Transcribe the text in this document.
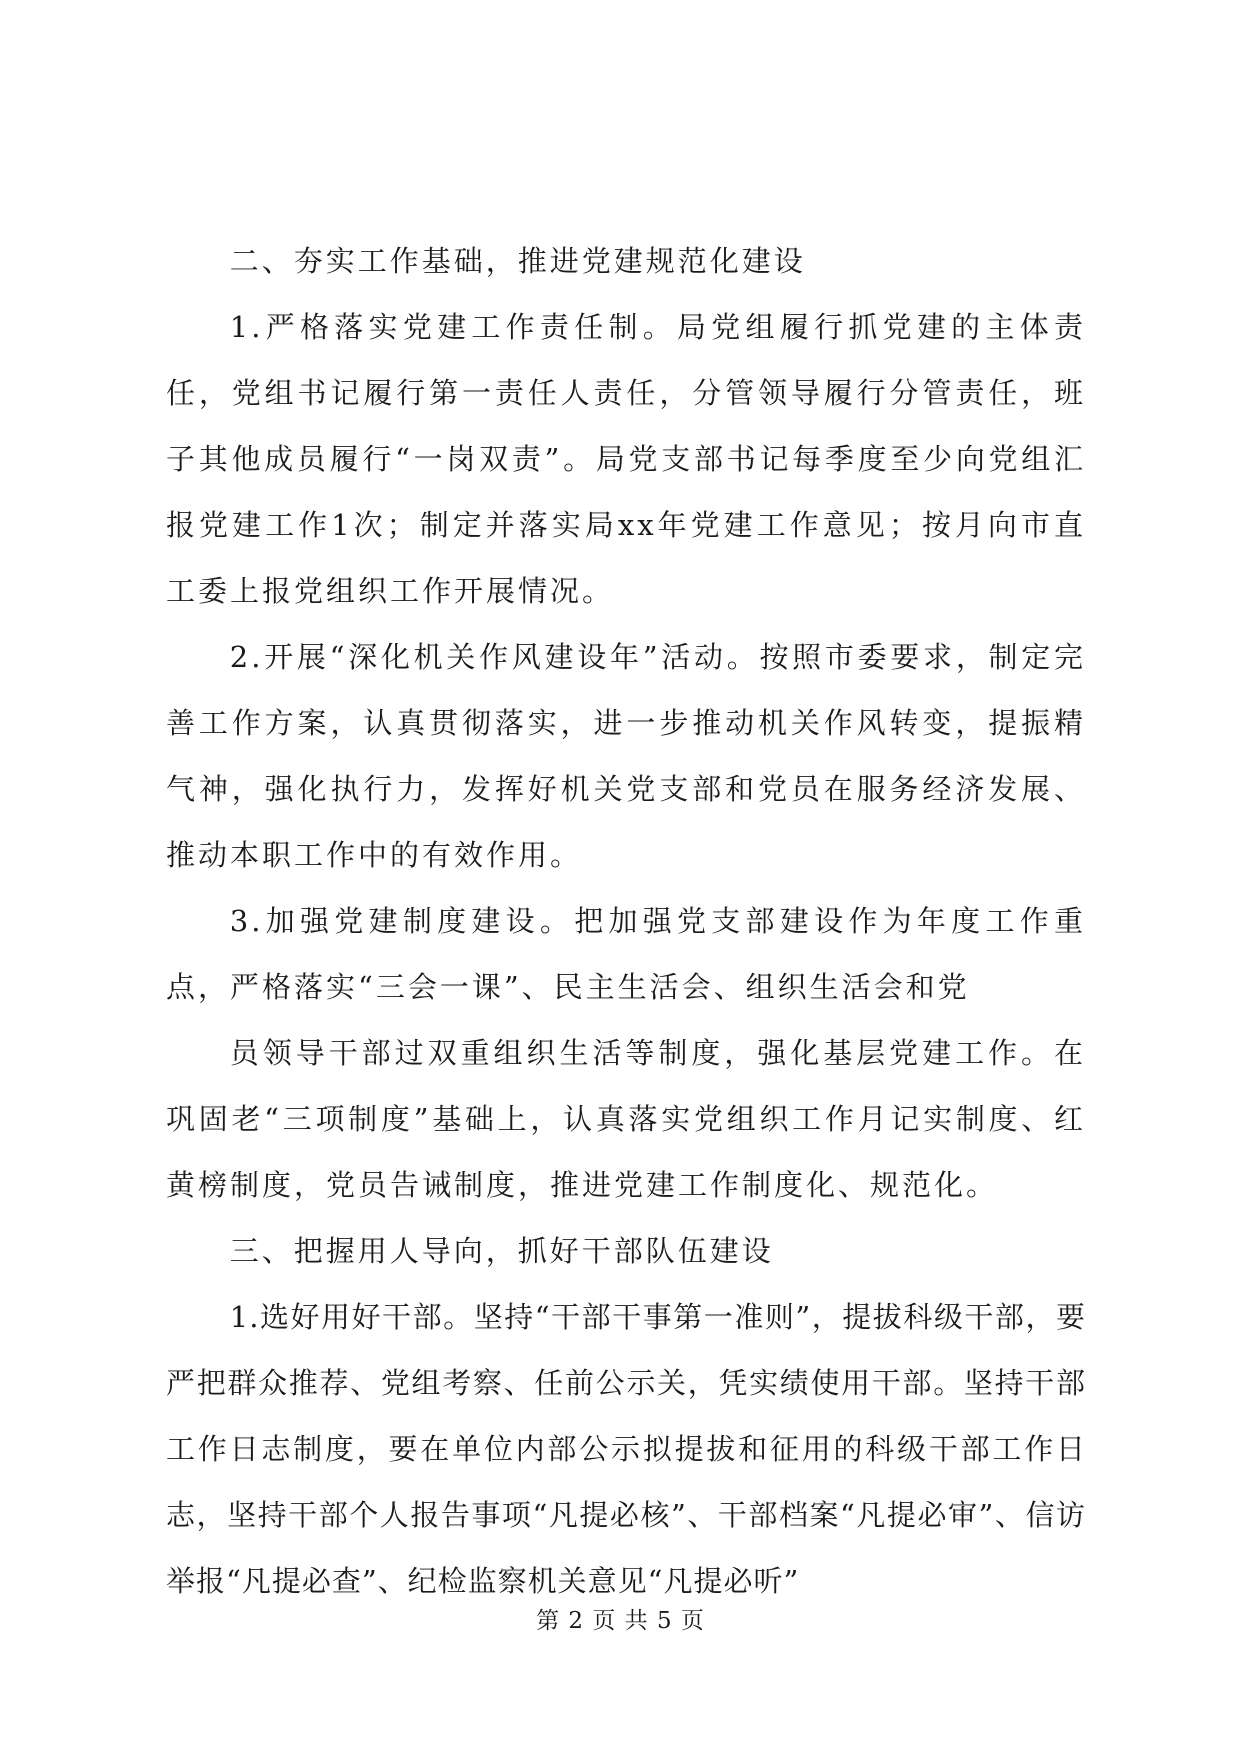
二、夯实工作基础，推进党建规范化建设

1.严格落实党建工作责任制。局党组履行抓党建的主体责任，党组书记履行第一责任人责任，分管领导履行分管责任，班子其他成员履行“一岗双责”。局党支部书记每季度至少向党组汇报党建工作1次；制定并落实局xx年党建工作意见；按月向市直工委上报党组织工作开展情况。

2.开展“深化机关作风建设年”活动。按照市委要求，制定完善工作方案，认真贯彻落实，进一步推动机关作风转变，提振精气神，强化执行力，发挥好机关党支部和党员在服务经济发展、推动本职工作中的有效作用。

3.加强党建制度建设。把加强党支部建设作为年度工作重点，严格落实“三会一课”、民主生活会、组织生活会和党

员领导干部过双重组织生活等制度，强化基层党建工作。在巩固老“三项制度”基础上，认真落实党组织工作月记实制度、红黄榜制度，党员告诫制度，推进党建工作制度化、规范化。

三、把握用人导向，抓好干部队伍建设

1.选好用好干部。坚持“干部干事第一准则”，提拔科级干部，要严把群众推荐、党组考察、任前公示关，凭实绩使用干部。坚持干部工作日志制度，要在单位内部公示拟提拔和征用的科级干部工作日志，坚持干部个人报告事项“凡提必核”、干部档案“凡提必审”、信访举报“凡提必查”、纪检监察机关意见“凡提必听”

第 2 页 共 5 页
